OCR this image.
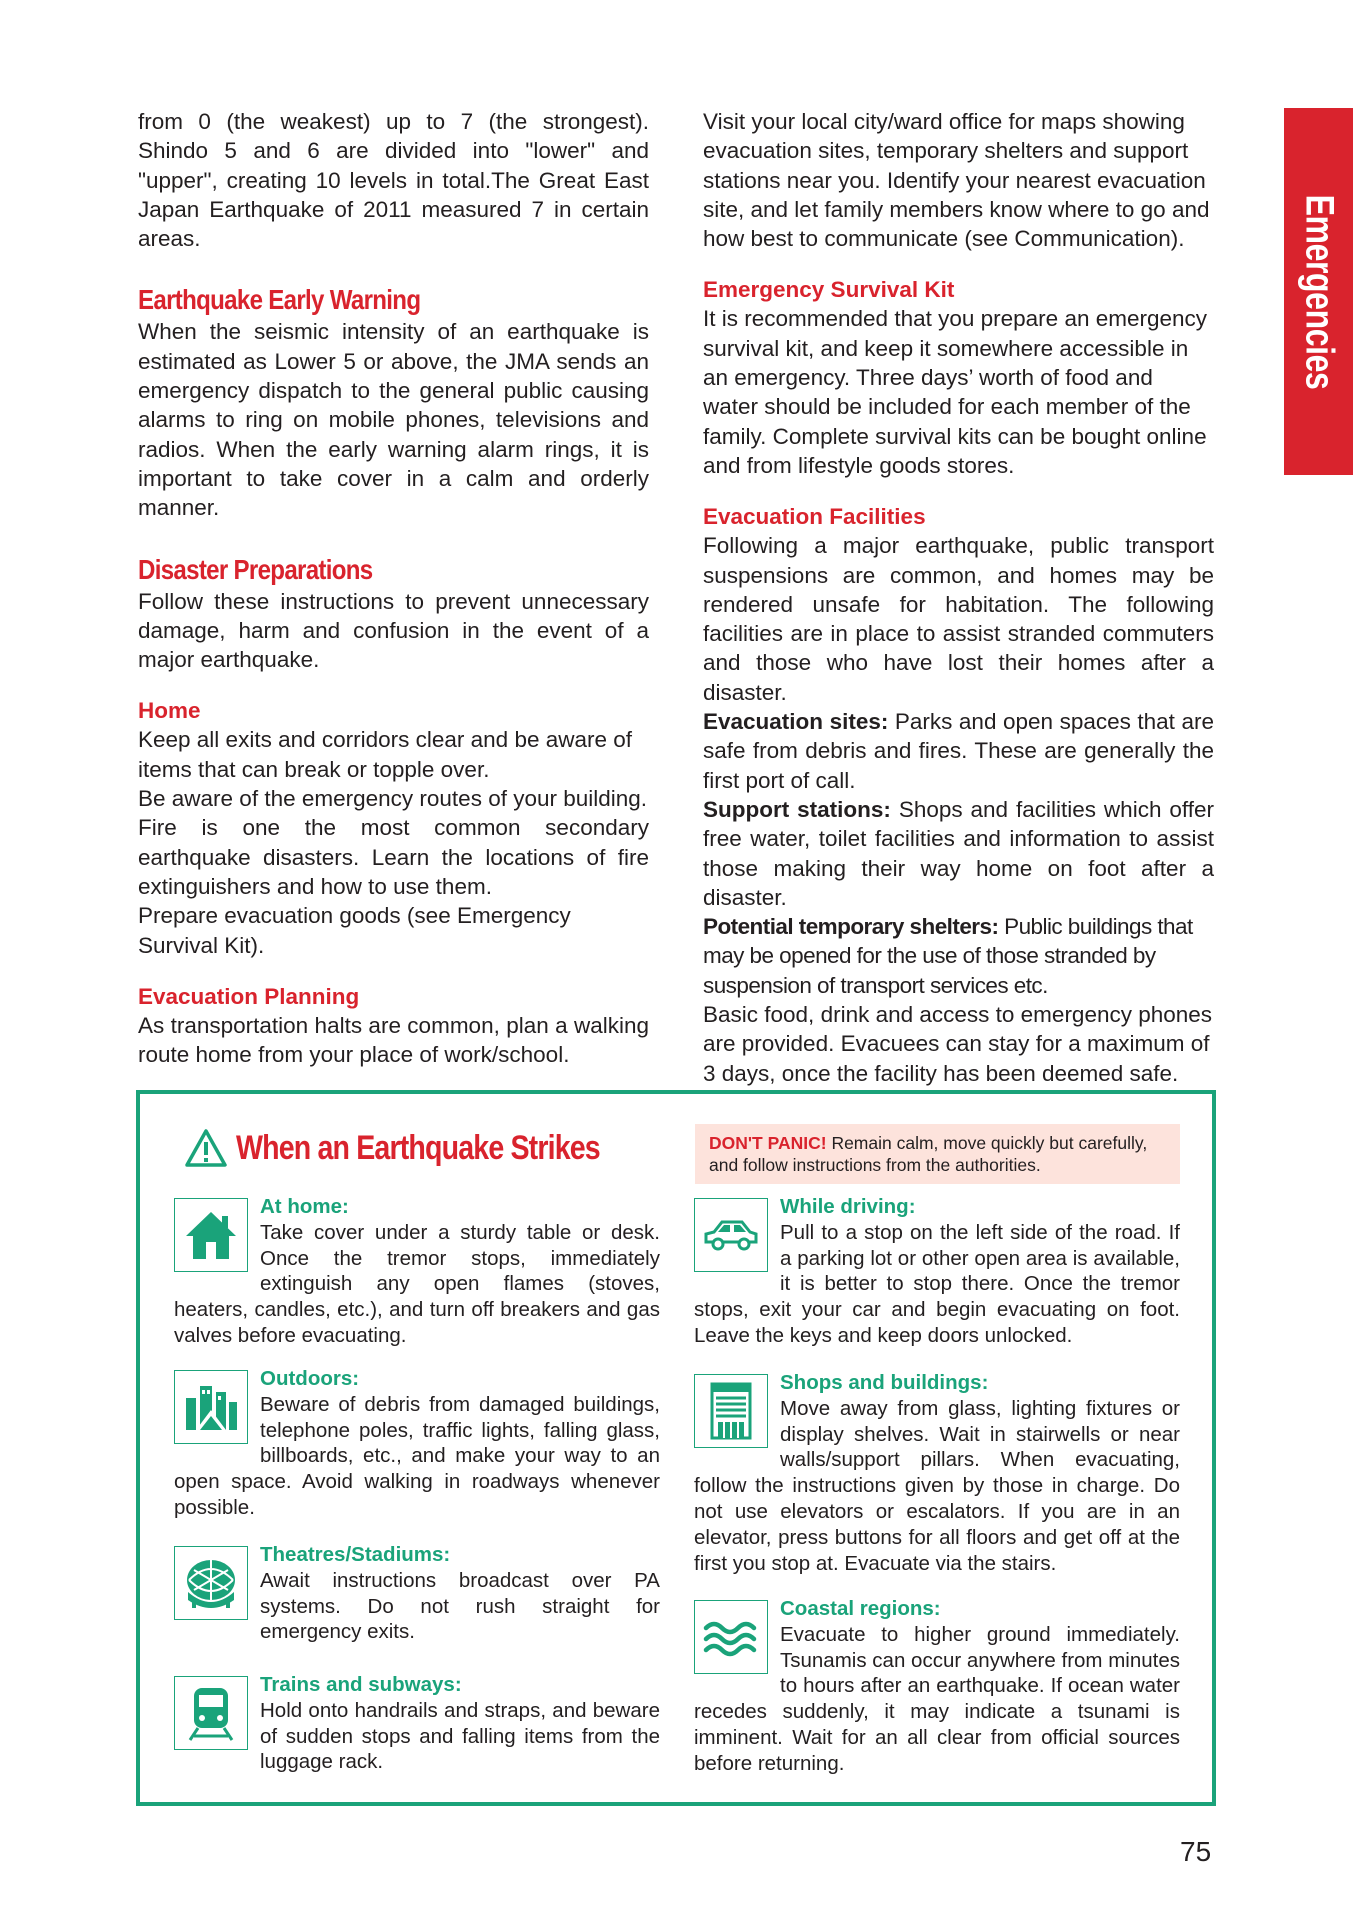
from 0 (the weakest) up to 7 (the strongest). Shindo 5 and 6 are divided into "lower" and "upper", creating 10 levels in total.The Great East Japan Earthquake of 2011 measured 7 in certain areas.

Earthquake Early Warning

When the seismic intensity of an earthquake is estimated as Lower 5 or above, the JMA sends an emergency dispatch to the general public causing alarms to ring on mobile phones, televisions and radios. When the early warning alarm rings, it is important to take cover in a calm and orderly manner.

Disaster Preparations

Follow these instructions to prevent unnecessary damage, harm and confusion in the event of a major earthquake.

Home

Keep all exits and corridors clear and be aware of items that can break or topple over.

Be aware of the emergency routes of your building.

Fire is one the most common secondary earthquake disasters. Learn the locations of fire extinguishers and how to use them.

Prepare evacuation goods (see Emergency Survival Kit).

Evacuation Planning

As transportation halts are common, plan a walking route home from your place of work/school.

Visit your local city/ward office for maps showing evacuation sites, temporary shelters and support stations near you. Identify your nearest evacuation site, and let family members know where to go and how best to communicate (see Communication).

Emergency Survival Kit

It is recommended that you prepare an emergency survival kit, and keep it somewhere accessible in an emergency. Three days’ worth of food and water should be included for each member of the family. Complete survival kits can be bought online and from lifestyle goods stores.

Evacuation Facilities

Following a major earthquake, public transport suspensions are common, and homes may be rendered unsafe for habitation. The following facilities are in place to assist stranded commuters and those who have lost their homes after a disaster.

Evacuation sites: Parks and open spaces that are safe from debris and fires. These are generally the first port of call.

Support stations: Shops and facilities which offer free water, toilet facilities and information to assist those making their way home on foot after a disaster.

Potential temporary shelters: Public buildings that may be opened for the use of those stranded by suspension of transport services etc.

Basic food, drink and access to emergency phones are provided. Evacuees can stay for a maximum of 3 days, once the facility has been deemed safe.

Emergencies
When an Earthquake Strikes	DON'T PANIC! Remain calm, move quickly but carefully, and follow instructions from the authorities.
At home:

Take cover under a sturdy table or desk. Once the tremor stops, immediately extinguish any open flames (stoves, heaters, candles, etc.), and turn off breakers and gas valves before evacuating.

Outdoors:

Beware of debris from damaged buildings, telephone poles, traffic lights, falling glass, billboards, etc., and make your way to an open space. Avoid walking in roadways whenever possible.

Theatres/Stadiums:

Await instructions broadcast over PA systems. Do not rush straight for emergency exits.

Trains and subways:

Hold onto handrails and straps, and beware of sudden stops and falling items from the luggage rack.

While driving:

Pull to a stop on the left side of the road. If a parking lot or other open area is available, it is better to stop there. Once the tremor stops, exit your car and begin evacuating on foot. Leave the keys and keep doors unlocked.

Shops and buildings:

Move away from glass, lighting fixtures or display shelves. Wait in stairwells or near walls/support pillars. When evacuating, follow the instructions given by those in charge. Do not use elevators or escalators. If you are in an elevator, press buttons for all floors and get off at the first you stop at. Evacuate via the stairs.

Coastal regions:

Evacuate to higher ground immediately. Tsunamis can occur anywhere from minutes to hours after an earthquake. If ocean water recedes suddenly, it may indicate a tsunami is imminent. Wait for an all clear from official sources before returning.

75
